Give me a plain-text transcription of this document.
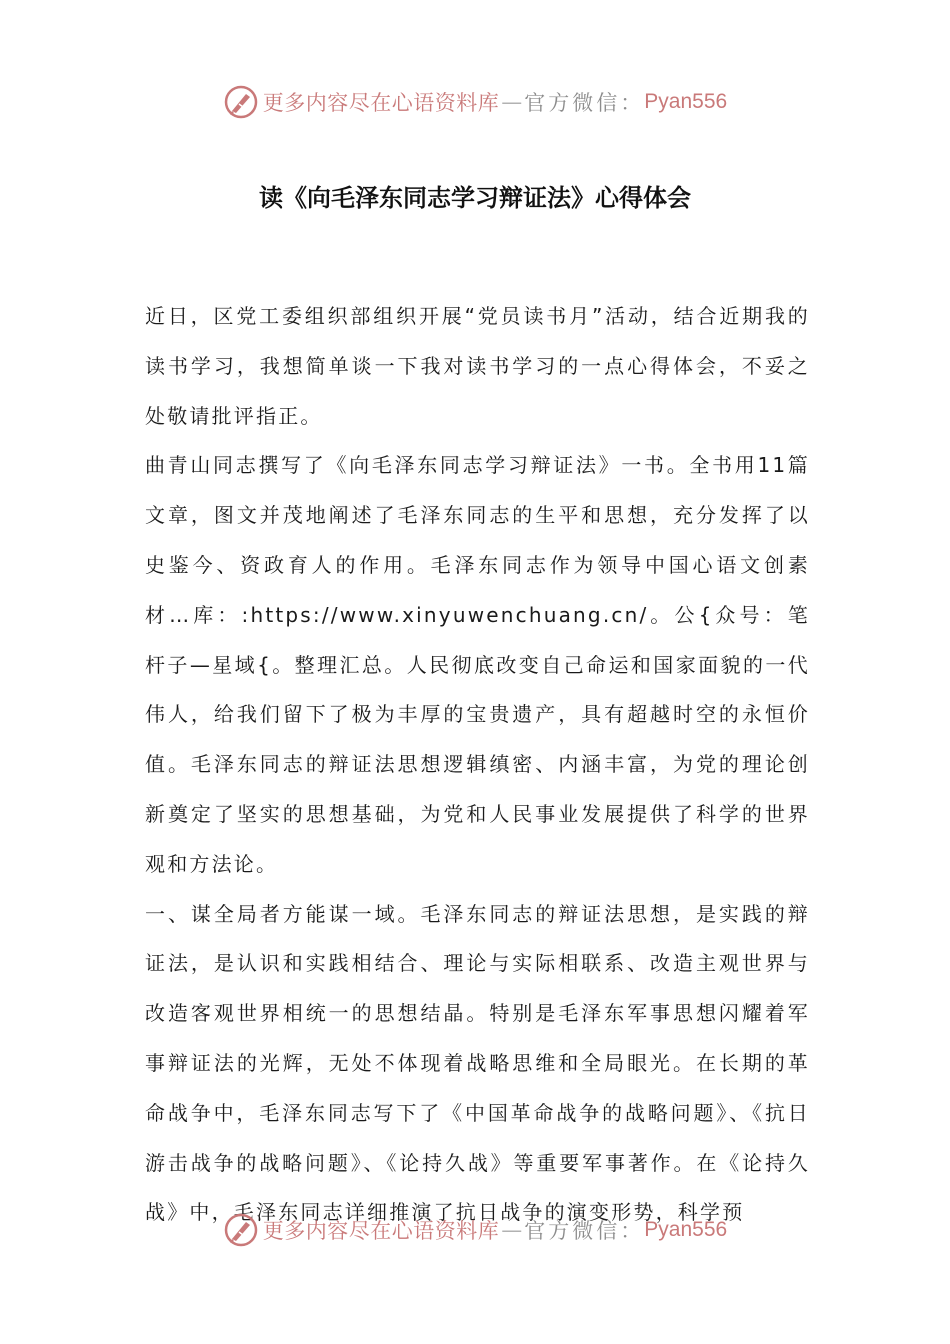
更多内容尽在心语资料库 — 官方微信： Pyan556
读《向毛泽东同志学习辩证法》心得体会

近日，区党工委组织部组织开展“党员读书月”活动，结合近期我的读书学习，我想简单谈一下我对读书学习的一点心得体会，不妥之处敬请批评指正。

曲青山同志撰写了《向毛泽东同志学习辩证法》一书。全书用11篇文章，图文并茂地阐述了毛泽东同志的生平和思想，充分发挥了以史鉴今、资政育人的作用。毛泽东同志作为领导中国心语文创素材…库：:https://www.xinyuwenchuang.cn/。公{众号：笔杆子—星域{。整理汇总。人民彻底改变自己命运和国家面貌的一代伟人，给我们留下了极为丰厚的宝贵遗产，具有超越时空的永恒价值。毛泽东同志的辩证法思想逻辑缜密、内涵丰富，为党的理论创新奠定了坚实的思想基础，为党和人民事业发展提供了科学的世界观和方法论。

一、谋全局者方能谋一域。毛泽东同志的辩证法思想，是实践的辩证法，是认识和实践相结合、理论与实际相联系、改造主观世界与改造客观世界相统一的思想结晶。特别是毛泽东军事思想闪耀着军事辩证法的光辉，无处不体现着战略思维和全局眼光。在长期的革命战争中，毛泽东同志写下了《中国革命战争的战略问题》、《抗日游击战争的战略问题》、《论持久战》等重要军事著作。在《论持久战》中，毛泽东同志详细推演了抗日战争的演变形势，科学预

更多内容尽在心语资料库 — 官方微信： Pyan556
